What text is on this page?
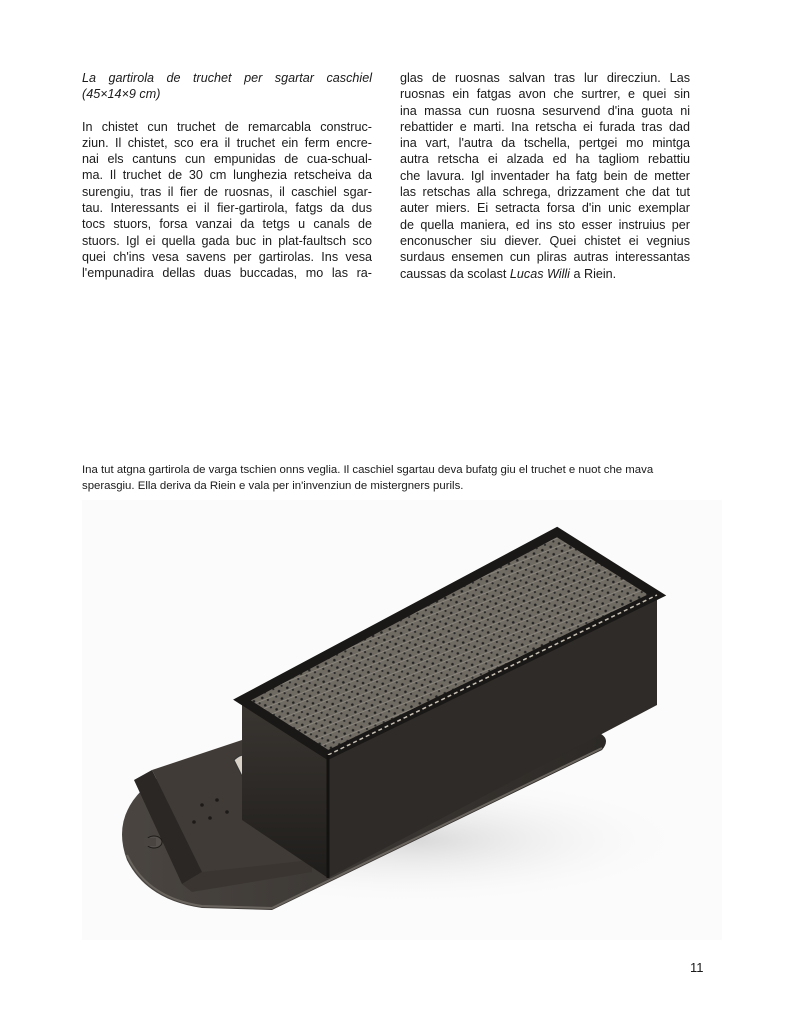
La gartirola de truchet per sgartar caschiel
(45×14×9 cm)

In chistet cun truchet de remarcabla construc-
ziun. Il chistet, sco era il truchet ein ferm encre-
nai els cantuns cun empunidas de cua-schual-
ma. Il truchet de 30 cm lunghezia retscheiva da
surengiu, tras il fier de ruosnas, il caschiel sgar-
tau. Interessants ei il fier-gartirola, fatgs da dus
tocs stuors, forsa vanzai da tetgs u canals de
stuors. Igl ei quella gada buc in plat-faultsch sco
quei ch'ins vesa savens per gartirolas. Ins vesa
l'empunadira dellas duas buccadas, mo las ra-

glas de ruosnas salvan tras lur direcziun. Las
ruosnas ein fatgas avon che surtrer, e quei sin
ina massa cun ruosna sesurvend d'ina guota ni
rebattider e marti. Ina retscha ei furada tras dad
ina vart, l'autra da tschella, pertgei mo mintga
autra retscha ei alzada ed ha tagliom rebattiu
che lavura. Igl inventader ha fatg bein de metter
las retschas alla schrega, drizzament che dat tut
auter miers. Ei setracta forsa d'in unic exemplar
de quella maniera, ed ins sto esser instruius per
enconuscher siu diever. Quei chistet ei vegnius
surdaus ensemen cun pliras autras interessantas
caussas da scolast Lucas Willi a Riein.

Ina tut atgna gartirola de varga tschien onns veglia. Il caschiel sgartau deva bufatg giu el truchet e nuot che mava
sperasgiu. Ella deriva da Riein e vala per in'invenziun de mistergners purils.
11
